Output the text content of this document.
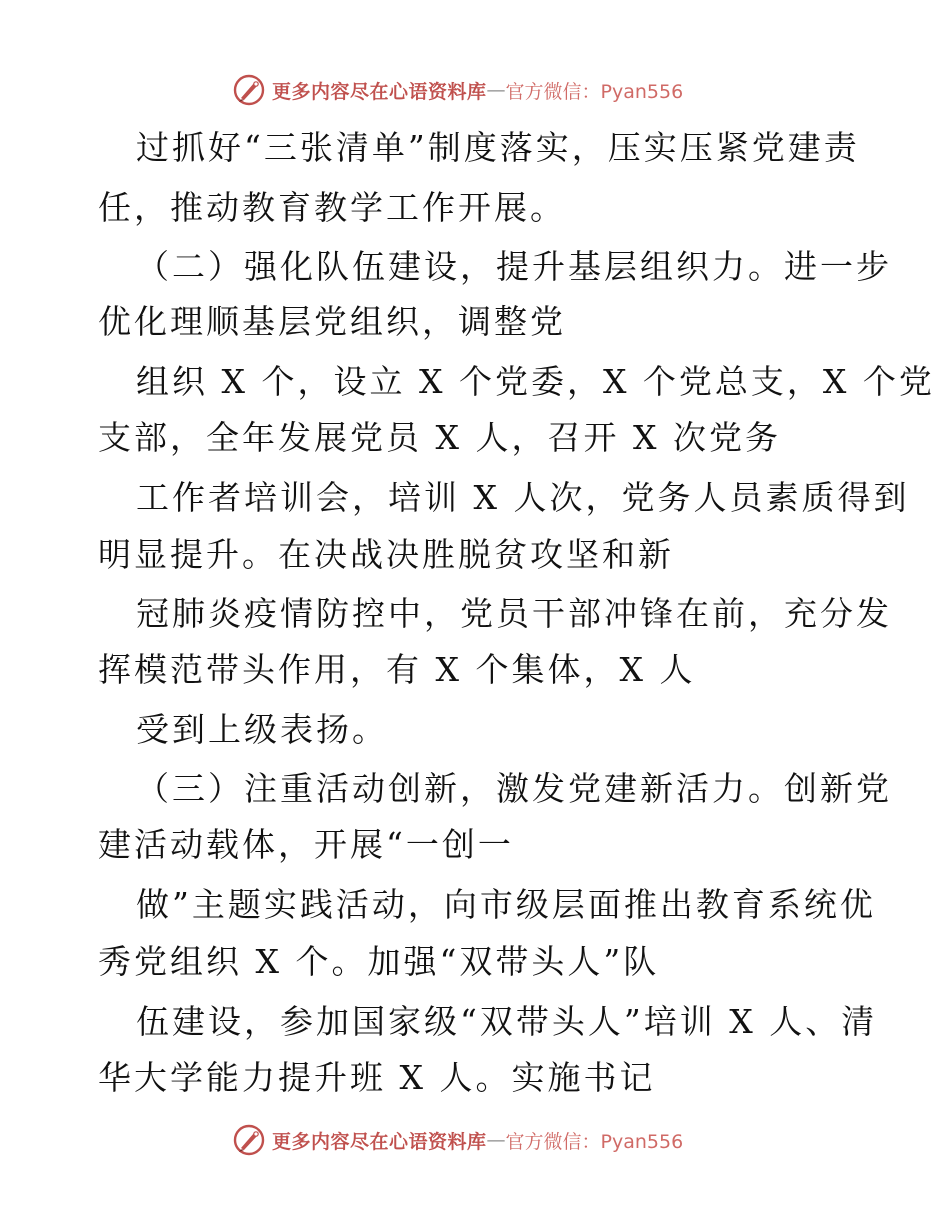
更多内容尽在心语资料库 — 官方微信：Pyan556
过抓好“三张清单”制度落实，压实压紧党建责
任，推动教育教学工作开展。
（二）强化队伍建设，提升基层组织力。进一步
优化理顺基层党组织，调整党
组织 X 个，设立 X 个党委，X 个党总支，X 个党
支部，全年发展党员 X 人，召开 X 次党务
工作者培训会，培训 X 人次，党务人员素质得到
明显提升。在决战决胜脱贫攻坚和新
冠肺炎疫情防控中，党员干部冲锋在前，充分发
挥模范带头作用，有 X 个集体，X 人
受到上级表扬。
（三）注重活动创新，激发党建新活力。创新党
建活动载体，开展“一创一
做”主题实践活动，向市级层面推出教育系统优
秀党组织 X 个。加强“双带头人”队
伍建设，参加国家级“双带头人”培训 X 人、清
华大学能力提升班 X 人。实施书记
更多内容尽在心语资料库 — 官方微信：Pyan556
